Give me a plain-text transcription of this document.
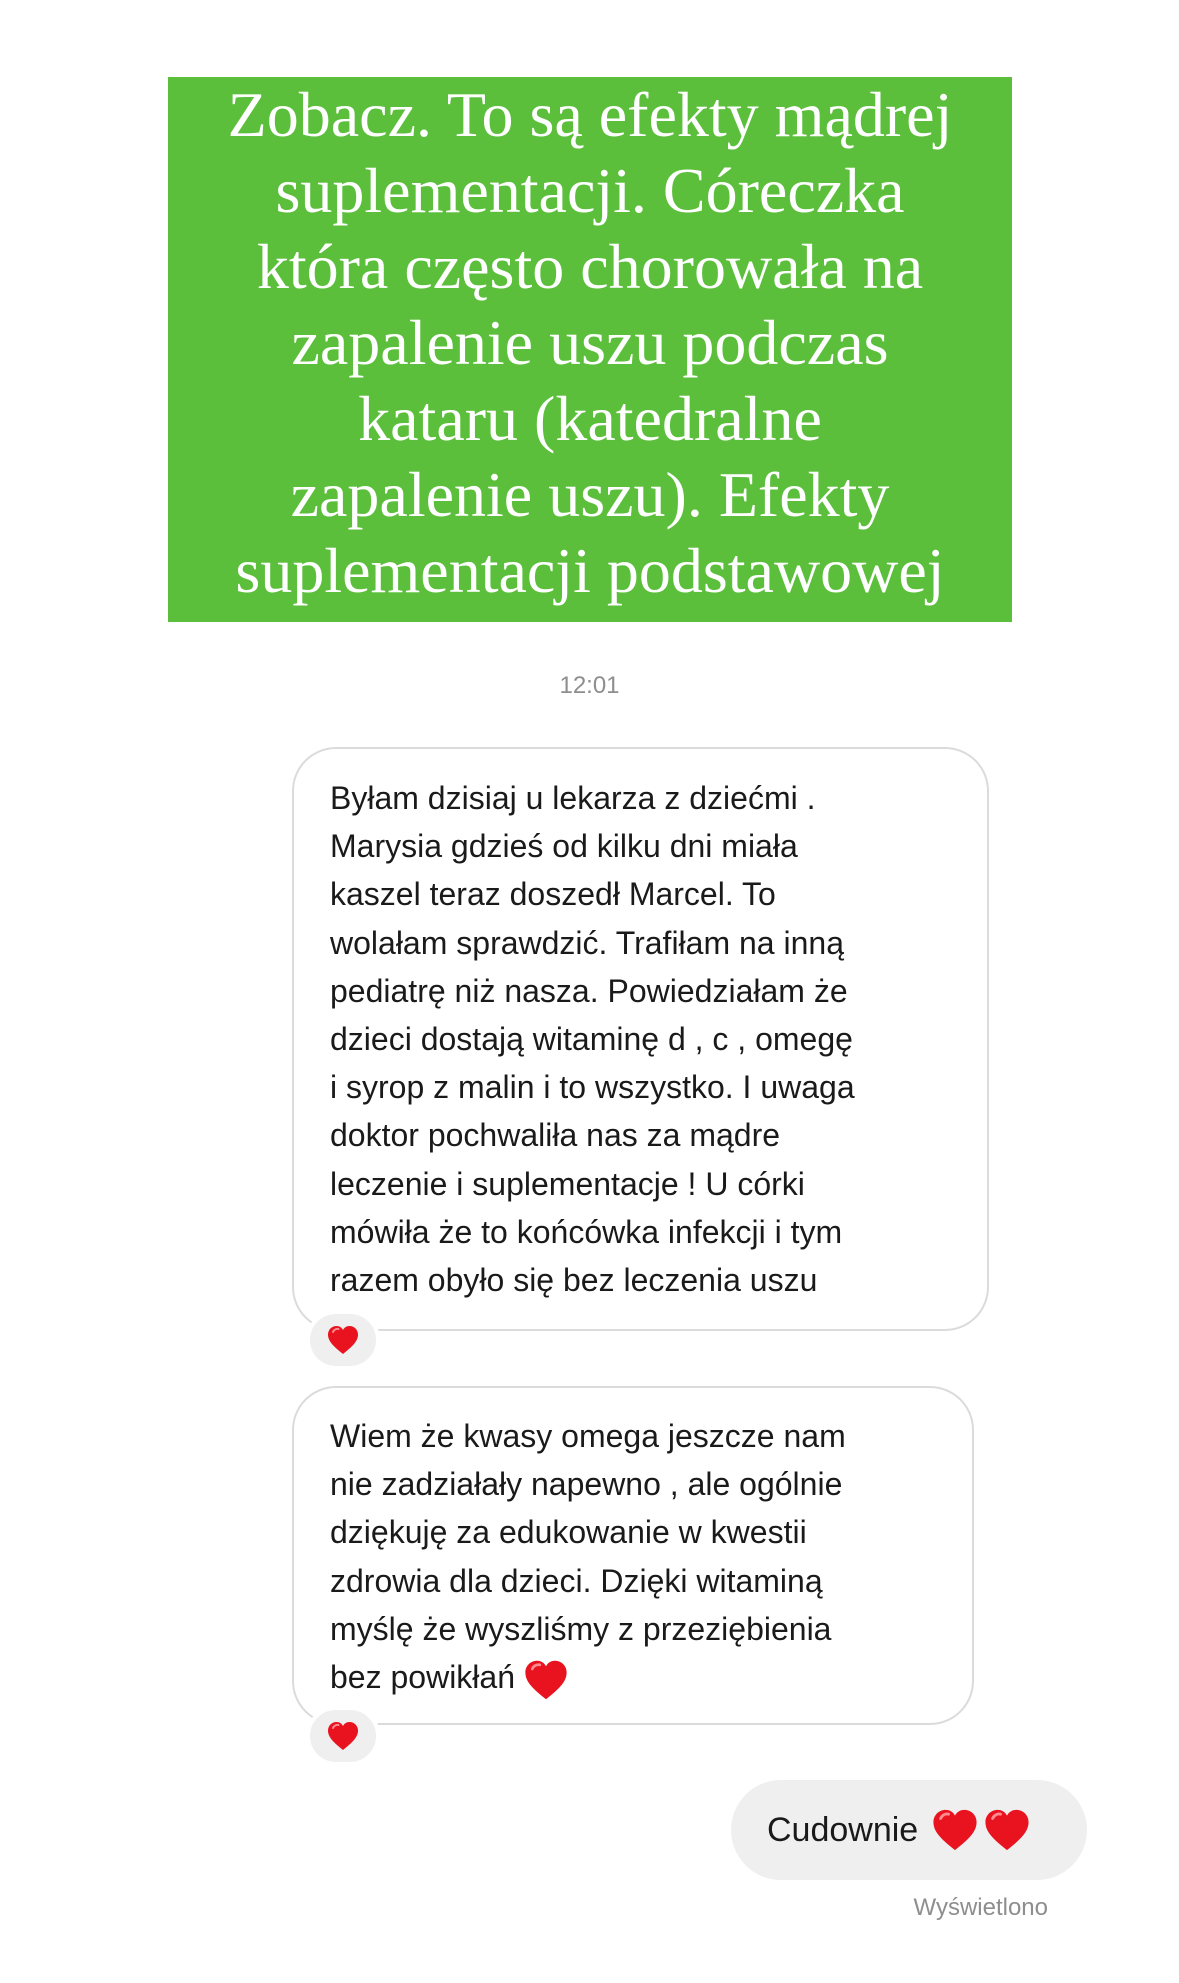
Zobacz. To są efekty mądrej
suplementacji. Córeczka
która często chorowała na
zapalenie uszu podczas
kataru (katedralne
zapalenie uszu). Efekty
suplementacji podstawowej
12:01
Byłam dzisiaj u lekarza z dziećmi .
Marysia gdzieś od kilku dni miała
kaszel teraz doszedł Marcel. To
wolałam sprawdzić. Trafiłam na inną
pediatrę niż nasza. Powiedziałam że
dzieci dostają witaminę d , c , omegę
i syrop z malin i to wszystko. I uwaga
doktor pochwaliła nas za mądre
leczenie i suplementacje ! U córki
mówiła że to końcówka infekcji i tym
razem obyło się bez leczenia uszu
Wiem że kwasy omega jeszcze nam
nie zadziałały napewno , ale ogólnie
dziękuję za edukowanie w kwestii
zdrowia dla dzieci. Dzięki witaminą
myślę że wyszliśmy z przeziębienia
bez powikłań
Cudownie
Wyświetlono
